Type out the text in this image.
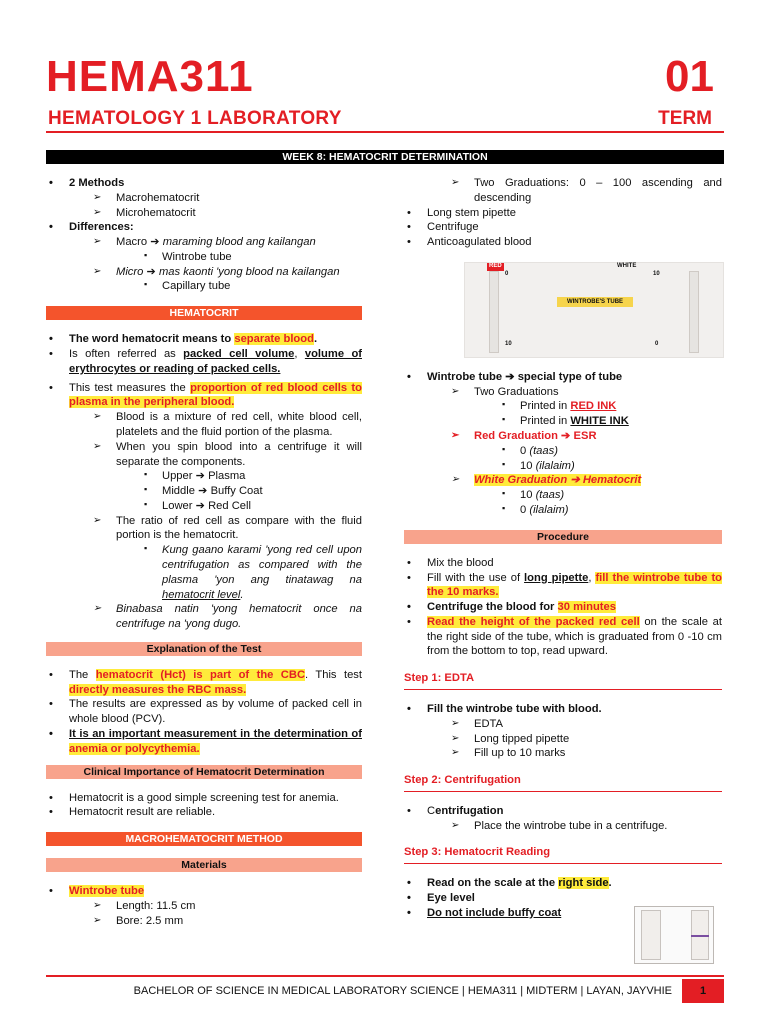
HEMA311	01
HEMATOLOGY 1 LABORATORY	TERM
WEEK 8: HEMATOCRIT DETERMINATION
• 2 Methods
➢ Macrohematocrit
➢ Microhematocrit
• Differences:
➢ Macro ➔ maraming blood ang kailangan
▪ Wintrobe tube
➢ Micro ➔ mas kaonti 'yong blood na kailangan
▪ Capillary tube
HEMATOCRIT
• The word hematocrit means to separate blood.
• Is often referred as packed cell volume, volume of erythrocytes or reading of packed cells.
• This test measures the proportion of red blood cells to plasma in the peripheral blood.
➢ Blood is a mixture of red cell, white blood cell, platelets and the fluid portion of the plasma.
➢ When you spin blood into a centrifuge it will separate the components.
▪ Upper ➔ Plasma
▪ Middle ➔ Buffy Coat
▪ Lower ➔ Red Cell
➢ The ratio of red cell as compare with the fluid portion is the hematocrit.
▪ Kung gaano karami 'yong red cell upon centrifugation as compared with the plasma 'yon ang tinatawag na hematocrit level.
➢ Binabasa natin 'yong hematocrit once na centrifuge na 'yong dugo.
Explanation of the Test
• The hematocrit (Hct) is part of the CBC. This test directly measures the RBC mass.
• The results are expressed as by volume of packed cell in whole blood (PCV).
• It is an important measurement in the determination of anemia or polycythemia.
Clinical Importance of Hematocrit Determination
• Hematocrit is a good simple screening test for anemia.
• Hematocrit result are reliable.
MACROHEMATOCRIT METHOD
Materials
• Wintrobe tube
➢ Length: 11.5 cm
➢ Bore: 2.5 mm
➢ Two Graduations: 0 – 100 ascending and descending
• Long stem pipette
• Centrifuge
• Anticoagulated blood
RED	WHITE
0
10
10
0
WINTROBE'S TUBE
• Wintrobe tube ➔ special type of tube
➢ Two Graduations
▪ Printed in RED INK
▪ Printed in WHITE INK
➢ Red Graduation ➔ ESR
▪ 0 (taas)
▪ 10 (ilalaim)
➢ White Graduation ➔ Hematocrit
▪ 10 (taas)
▪ 0 (ilalaim)
Procedure
• Mix the blood
• Fill with the use of long pipette, fill the wintrobe tube to the 10 marks.
• Centrifuge the blood for 30 minutes
• Read the height of the packed red cell on the scale at the right side of the tube, which is graduated from 0 -10 cm from the bottom to top, read upward.
Step 1: EDTA
• Fill the wintrobe tube with blood.
➢ EDTA
➢ Long tipped pipette
➢ Fill up to 10 marks
Step 2: Centrifugation
• Centrifugation
➢ Place the wintrobe tube in a centrifuge.
Step 3: Hematocrit Reading
• Read on the scale at the right side.
• Eye level
• Do not include buffy coat
BACHELOR OF SCIENCE IN MEDICAL LABORATORY SCIENCE | HEMA311 | MIDTERM | LAYAN, JAYVHIE	1
